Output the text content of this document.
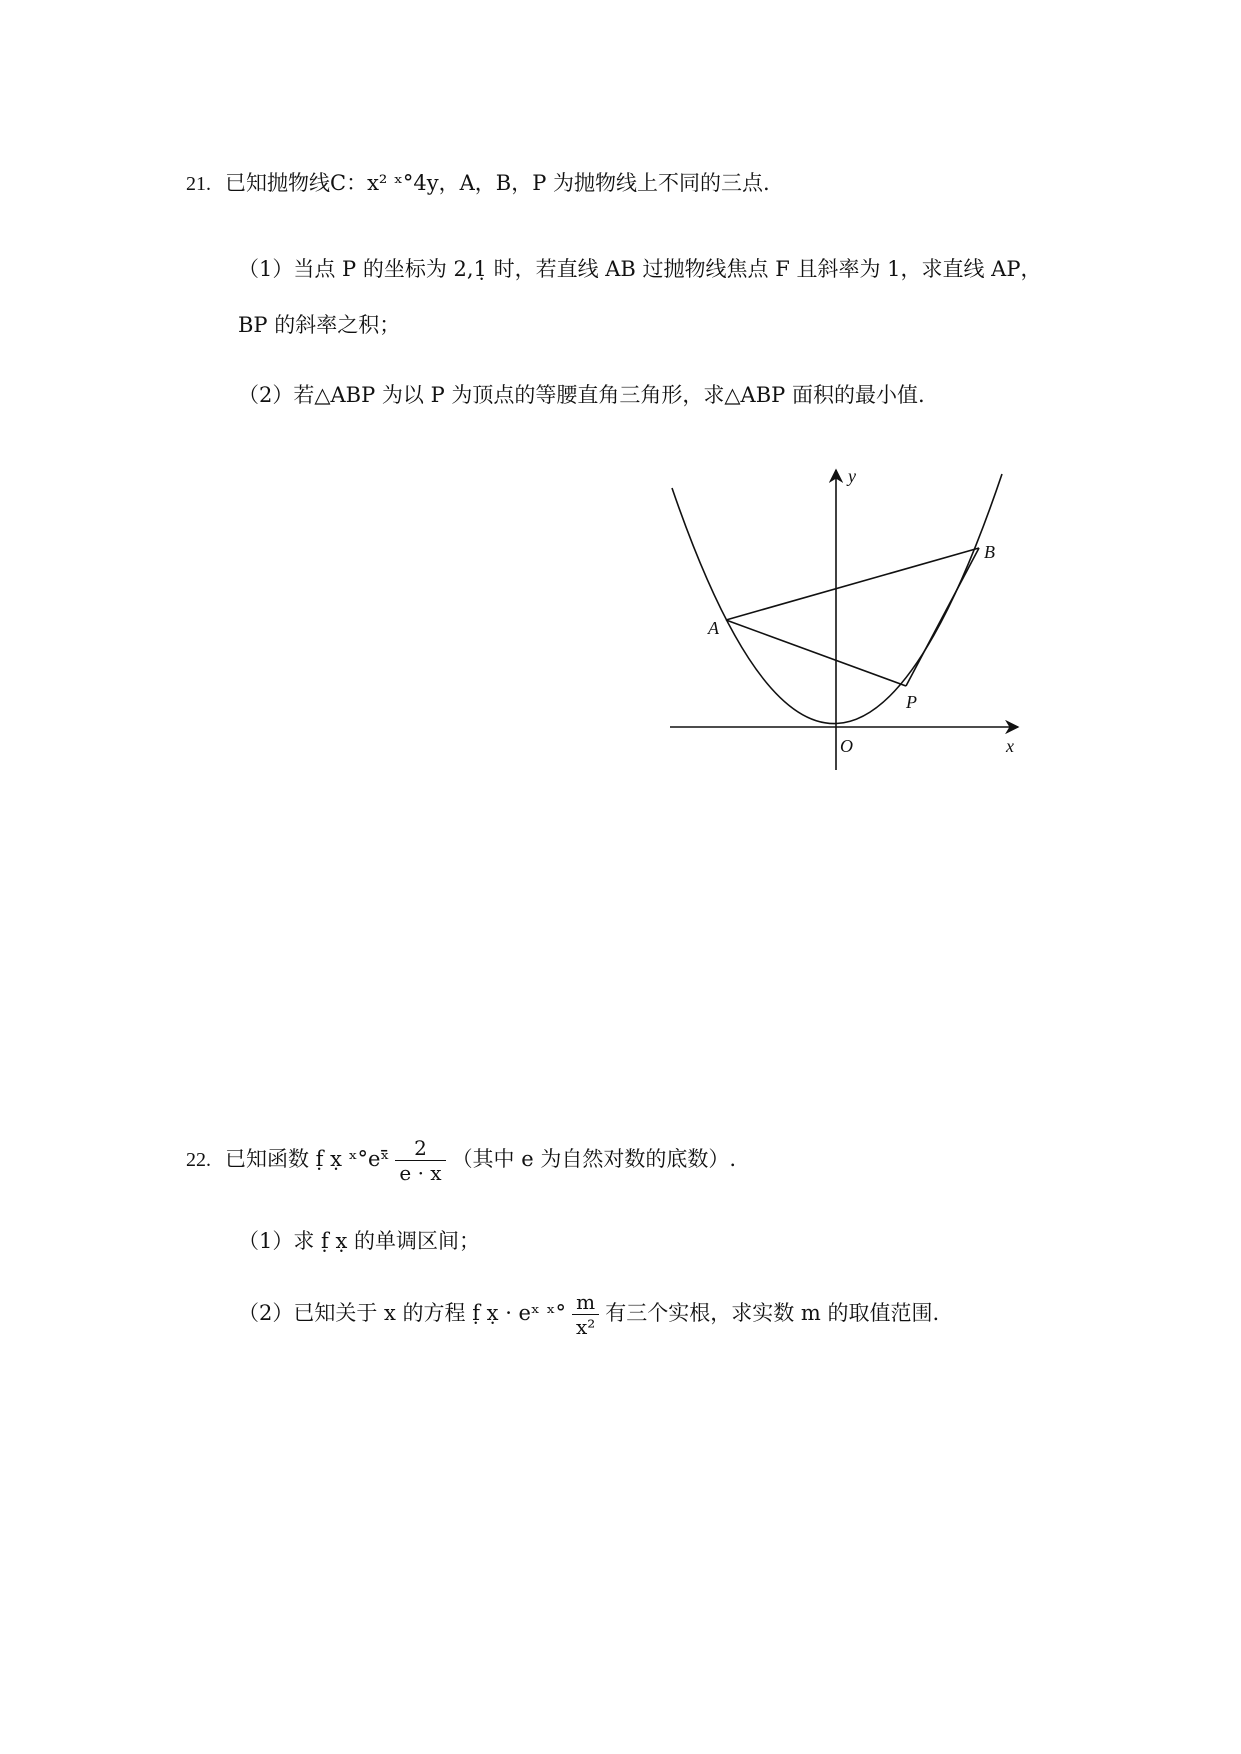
21. 已知抛物线C：x² ˣ°4y，A，B，P 为抛物线上不同的三点.
（1）当点 P 的坐标为 2,1̣ 时，若直线 AB 过抛物线焦点 F 且斜率为 1，求直线 AP，
BP 的斜率之积；
（2）若△ABP 为以 P 为顶点的等腰直角三角形，求△ABP 面积的最小值.
y
x
O
A
B
P
22. 已知函数 f̣ x̣ ˣ°eˣ̄ $\frac{2}{e \cdot x}$ （其中 e 为自然对数的底数）.
（1）求 f̣ x̣ 的单调区间；
（2）已知关于 x 的方程 f̣ x̣ · eˣ ˣ° $\frac{m}{\text{x²}}$ 有三个实根，求实数 m 的取值范围.
